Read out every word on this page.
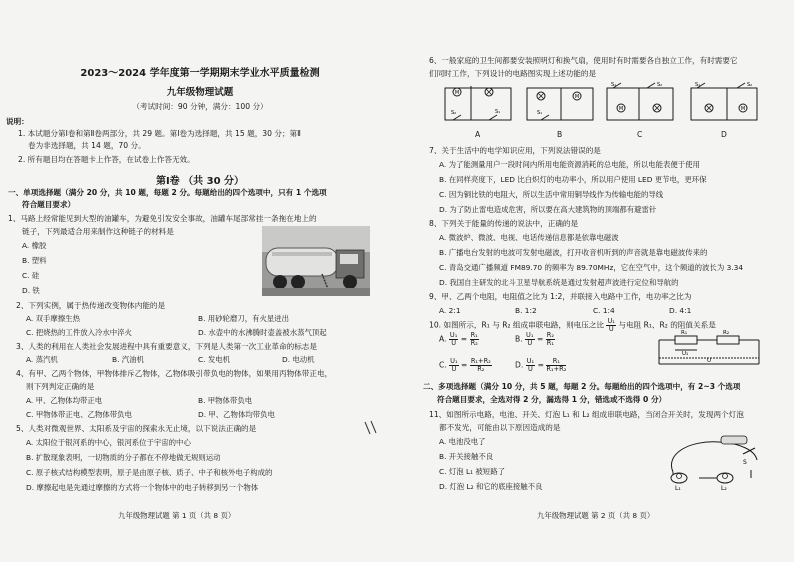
2023～2024 学年度第一学期期末学业水平质量检测
九年级物理试题
（考试时间：90 分钟，满分：100 分）
说明：
1. 本试题分第Ⅰ卷和第Ⅱ卷两部分，共 29 题。第Ⅰ卷为选择题，共 15 题，30 分；第Ⅱ
卷为非选择题，共 14 题，70 分。
2. 所有题目均在答题卡上作答，在试卷上作答无效。
第Ⅰ卷 （共 30 分）
一、单项选择题（满分 20 分，共 10 题，每题 2 分。每题给出的四个选项中，只有 1 个选项
符合题目要求）
1、马路上经常能见到大型的油罐车，为避免引发安全事故，油罐车尾部常挂一条拖在地上的
链子，下列最适合用来制作这种链子的材料是
A. 橡胶
B. 塑料
C. 硅
D. 铁
2、下列实例，属于热传递改变物体内能的是
A. 双手摩擦生热	B. 用砂轮磨刀，有火星迸出
C. 把烧热的工件放入冷水中淬火	D. 水壶中的水沸腾时壶盖被水蒸气顶起
3、人类的利用在人类社会发展进程中具有重要意义，下列是人类第一次工业革命的标志是
A. 蒸汽机	B. 汽油机	C. 发电机	D. 电动机
4、有甲、乙两个物体，甲物体排斥乙物体，乙物体吸引带负电的物体，如果用丙物体带正电，
则下列判定正确的是
A. 甲、乙物体均带正电	B. 甲物体带负电
C. 甲物体带正电、乙物体带负电	D. 甲、乙物体均带负电
5、人类对微观世界、太阳系及宇宙的探索永无止境，以下说法正确的是
A. 太阳位于银河系的中心，银河系位于宇宙的中心
B. 扩散现象表明，一切物质的分子都在不停地做无规则运动
C. 原子核式结构模型表明，原子是由原子核、质子、中子和核外电子构成的
D. 摩擦起电是先通过摩擦的方式将一个物体中的电子转移到另一个物体
九年级物理试题 第 1 页（共 8 页）
6、一般家庭的卫生间都要安装照明灯和换气扇，使用时有时需要各自独立工作，有时需要它
们同时工作，下列设计的电路图实现上述功能的是
M
S₂	S₁
A
M
S₁
B
S₁	S₂
M
C
S₁	S₂
M
D
7、关于生活中的电学知识应用，下列说法错误的是
A. 为了能测量用户一段时间内所用电能资源消耗的总电能，所以电能表便于使用
B. 在同样亮度下，LED 比白炽灯的电功率小，所以用户使用 LED 更节电，更环保
C. 因为铜比铁的电阻大，所以生活中常用铜导线作为传输电能的导线
D. 为了防止雷电造成危害，所以要在高大建筑物的顶端都有避雷针
8、下列关于能量的传递的说法中，正确的是
A. 微波炉、微波、电视、电话传递信息都是依靠电磁波
B. 广播电台发射的电波可发射电磁波，打开收音机听到的声音就是靠电磁波传来的
C. 青岛交通广播频道 FM89.70 的频率为 89.70MHz，它在空气中，这个频道的波长为 3.34
D. 我国自主研发的北斗卫星导航系统是通过发射超声波进行定位和导航的
9、甲、乙两个电阻，电阻值之比为 1:2，并联接入电路中工作，电功率之比为
A. 2:1	B. 1:2	C. 1:4	D. 4:1
10. 如图所示，R₁ 与 R₂ 组成串联电路，则电压之比 $\frac{\text{U₁}}{U}$ 与电阻 R₁、R₂ 的阻值关系是
A. $\frac{\text{U₁}}{U} = \frac{\text{R₁}}{\text{R₂}}$	B. $\frac{\text{U₁}}{U} = \frac{\text{R₂}}{\text{R₁}}$
C. $\frac{\text{U₁}}{U} = \frac{\text{R₁+R₂}}{\text{R₂}}$	D. $\frac{\text{U₁}}{U} = \frac{\text{R₁}}{\text{R₁+R₂}}$
R₁	R₂
U₁
U
二、多项选择题（满分 10 分，共 5 题，每题 2 分。每题给出的四个选项中，有 2~3 个选项
符合题目要求，全选对得 2 分，漏选得 1 分，错选或不选得 0 分）
11、如图所示电路，电池、开关、灯泡 L₁ 和 L₂ 组成串联电路，当闭合开关时，发现两个灯泡
都不发光，可能由以下原因造成的是
A. 电池没电了
B. 开关接触不良
C. 灯泡 L₁ 被短路了
D. 灯泡 L₂ 和它的底座接触不良
S
L₁	L₂
九年级物理试题 第 2 页（共 8 页）
